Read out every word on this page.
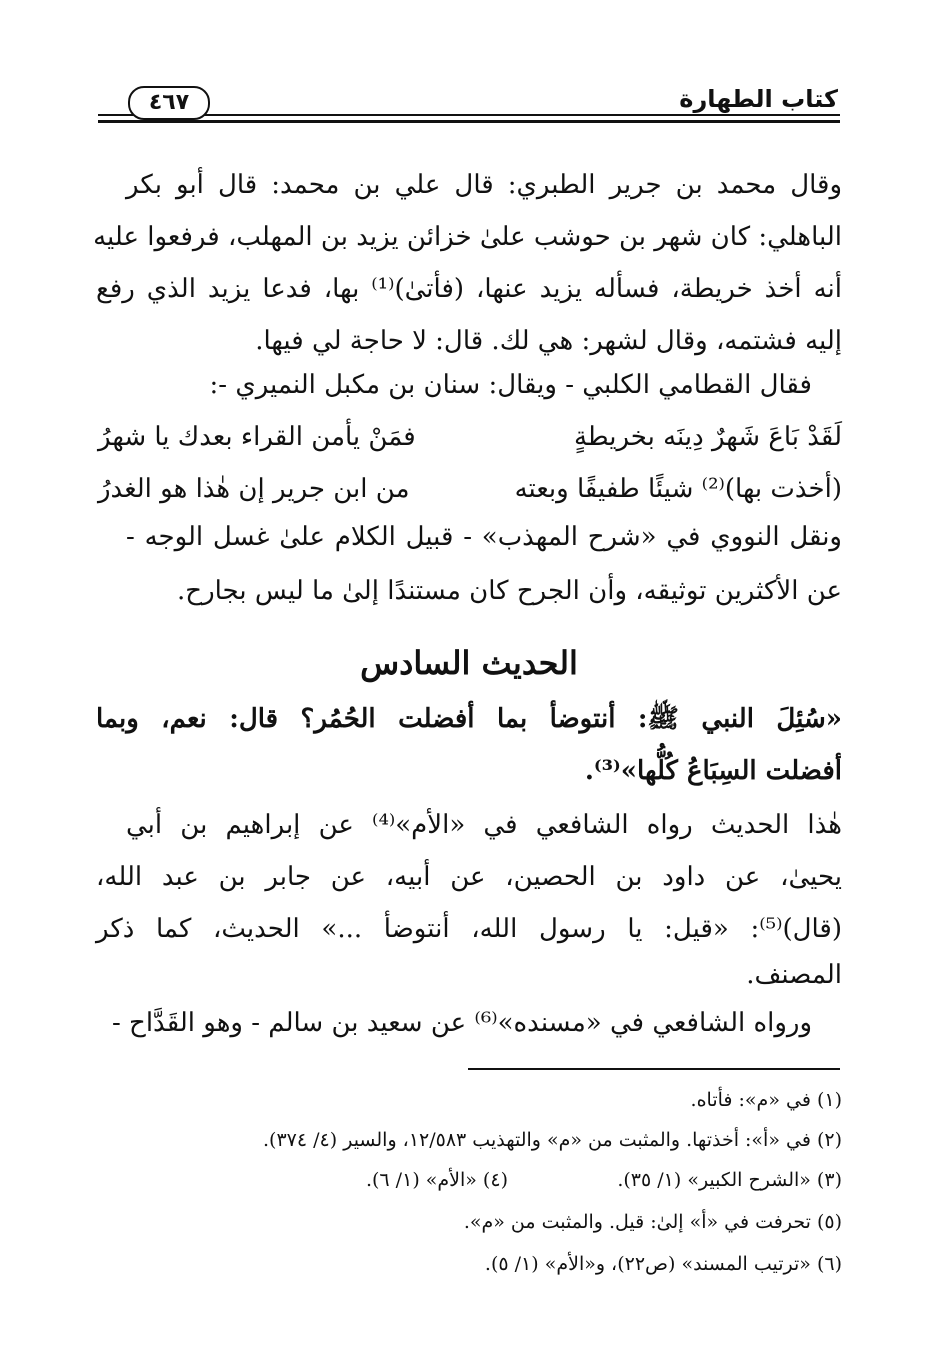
كتاب الطهارة
٤٦٧
وقال محمد بن جرير الطبري: قال علي بن محمد: قال أبو بكر
الباهلي: كان شهر بن حوشب علىٰ خزائن يزيد بن المهلب، فرفعوا عليه
أنه أخذ خريطة، فسأله يزيد عنها، (فأتىٰ)⁽¹⁾ بها، فدعا يزيد الذي رفع
إليه فشتمه، وقال لشهر: هي لك. قال: لا حاجة لي فيها.
فقال القطامي الكلبي - ويقال: سنان بن مكبل النميري -:
لَقَدْ بَاعَ شَهرٌ دِينَه بخريطةٍ
فمَنْ يأمن القراء بعدك يا شهرُ
(أخذت بها)⁽²⁾ شيئًا طفيفًا وبعته
من ابن جرير إن هٰذا هو الغدرُ
ونقل النووي في «شرح المهذب» - قبيل الكلام علىٰ غسل الوجه -
عن الأكثرين توثيقه، وأن الجرح كان مستندًا إلىٰ ما ليس بجارح.
الحديث السادس
«سُئِلَ النبي ﷺ: أنتوضأ بما أفضلت الحُمُر؟ قال: نعم، وبما
أفضلت السِبَاعُ كُلُّها»⁽³⁾.
هٰذا الحديث رواه الشافعي في «الأم»⁽⁴⁾ عن إبراهيم بن أبي
يحيىٰ، عن داود بن الحصين، عن أبيه، عن جابر بن عبد الله،
(قال)⁽⁵⁾: «قيل: يا رسول الله، أنتوضأ ...» الحديث، كما ذكر
المصنف.
ورواه الشافعي في «مسنده»⁽⁶⁾ عن سعيد بن سالم - وهو القَدَّاح -
(١) في «م»: فأتاه.
(٢) في «أ»: أخذتها. والمثبت من «م» والتهذيب ١٢/٥٨٣، والسير (٤/ ٣٧٤).
(٣) «الشرح الكبير» (١/ ٣٥).
(٤) «الأم» (١/ ٦).
(٥) تحرفت في «أ» إلىٰ: قيل. والمثبت من «م».
(٦) «ترتيب المسند» (ص٢٢)، و«الأم» (١/ ٥).
